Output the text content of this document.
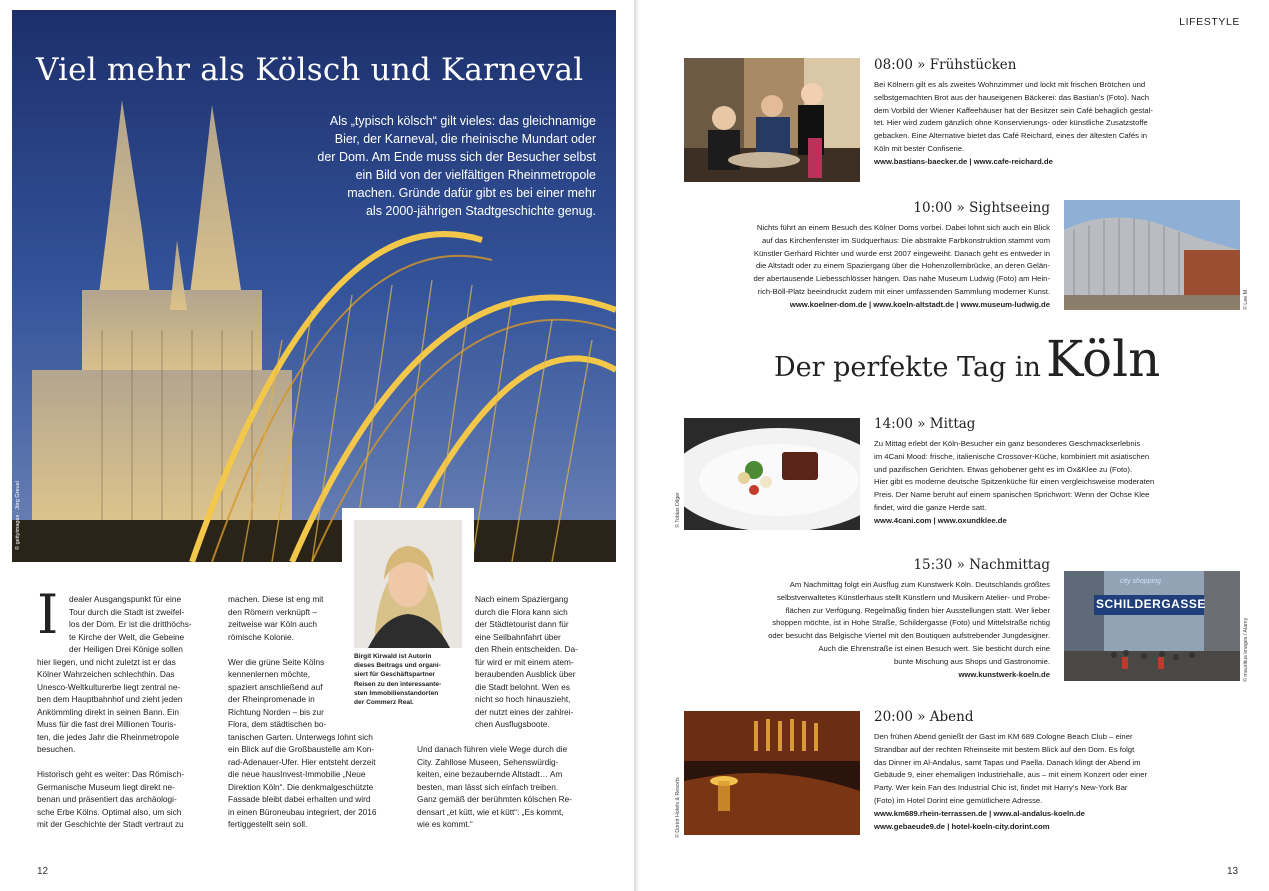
Viel mehr als Kölsch und Karneval
Als „typisch kölsch“ gilt vieles: das gleichnamige
Bier, der Karneval, die rheinische Mundart oder
der Dom. Am Ende muss sich der Besucher selbst
ein Bild von der vielfältigen Rheinmetropole
machen. Gründe dafür gibt es bei einer mehr
als 2000-jährigen Stadtgeschichte genug.
© gettyimages · Jörg Greuel
Birgit Kirwald ist Autorin
dieses Beitrags und organi-
siert für Geschäftspartner
Reisen zu den interessante-
sten Immobilienstandorten
der Commerz Real.
I	dealer Ausgangspunkt für eine
Tour durch die Stadt ist zweifel-
los der Dom. Er ist die dritthöchs-
te Kirche der Welt, die Gebeine
der Heiligen Drei Könige sollen
hier liegen, und nicht zuletzt ist er das
Kölner Wahrzeichen schlechthin. Das
Unesco-Weltkulturerbe liegt zentral ne-
ben dem Hauptbahnhof und zieht jeden
Ankömmling direkt in seinen Bann. Ein
Muss für die fast drei Millionen Touris-
ten, die jedes Jahr die Rheinmetropole
besuchen.

Historisch geht es weiter: Das Römisch-
Germanische Museum liegt direkt ne-
benan und präsentiert das archäologi-
sche Erbe Kölns. Optimal also, um sich
mit der Geschichte der Stadt vertraut zu
machen. Diese ist eng mit
den Römern verknüpft –
zeitweise war Köln auch
römische Kolonie.

Wer die grüne Seite Kölns
kennenlernen möchte,
spaziert anschließend auf
der Rheinpromenade in
Richtung Norden – bis zur
Flora, dem städtischen bo-
tanischen Garten. Unterwegs lohnt sich
ein Blick auf die Großbaustelle am Kon-
rad-Adenauer-Ufer. Hier entsteht derzeit
die neue hausInvest-Immobilie „Neue
Direktion Köln“. Die denkmalgeschützte
Fassade bleibt dabei erhalten und wird
in einen Büroneubau integriert, der 2016
fertiggestellt sein soll.
Nach einem Spaziergang
durch die Flora kann sich
der Städtetourist dann für
eine Seilbahnfahrt über
den Rhein entscheiden. Da-
für wird er mit einem atem-
beraubenden Ausblick über
die Stadt belohnt. Wen es
nicht so hoch hinauszieht,
der nutzt eines der zahlrei-
chen Ausflugsboote.

Und danach führen viele Wege durch die
City. Zahllose Museen, Sehenswürdig-
keiten, eine bezaubernde Altstadt… Am
besten, man lässt sich einfach treiben.
Ganz gemäß der berühmten kölschen Re-
densart „et kütt, wie et kütt“: „Es kommt,
wie es kommt.“
12
LIFESTYLE
08:00 » Frühstücken
Bei Kölnern gilt es als zweites Wohnzimmer und lockt mit frischen Brötchen und
selbstgemachten Brot aus der hauseigenen Bäckerei: das Bastian’s (Foto). Nach
dem Vorbild der Wiener Kaffeehäuser hat der Besitzer sein Café behaglich gestal-
tet. Hier wird zudem gänzlich ohne Konservierungs- oder künstliche Zusatzstoffe
gebacken. Eine Alternative bietet das Café Reichard, eines der ältesten Cafés in
Köln mit bester Confiserie.
www.bastians-baecker.de | www.cafe-reichard.de
10:00 » Sightseeing
Nichts führt an einem Besuch des Kölner Doms vorbei. Dabei lohnt sich auch ein Blick
auf das Kirchenfenster im Südquerhaus: Die abstrakte Farbkonstruktion stammt vom
Künstler Gerhard Richter und wurde erst 2007 eingeweiht. Danach geht es entweder in
die Altstadt oder zu einem Spaziergang über die Hohenzollernbrücke, an deren Gelän-
der abertausende Liebesschlösser hängen. Das nahe Museum Ludwig (Foto) am Hein-
rich-Böll-Platz beeindruckt zudem mit einer umfassenden Sammlung moderner Kunst.
www.koelner-dom.de | www.koeln-altstadt.de | www.museum-ludwig.de	© Lee M.
Der perfekte Tag in Köln
© Tobias Dilger
14:00 » Mittag
Zu Mittag erlebt der Köln-Besucher ein ganz besonderes Geschmackserlebnis
im 4Cani Mood: frische, italienische Crossover-Küche, kombiniert mit asiatischen
und pazifischen Gerichten. Etwas gehobener geht es im Ox&Klee zu (Foto).
Hier gibt es moderne deutsche Spitzenküche für einen vergleichsweise moderaten
Preis. Der Name beruht auf einem spanischen Sprichwort: Wenn der Ochse Klee
findet, wird die ganze Herde satt.
www.4cani.com | www.oxundklee.de
15:30 » Nachmittag
Am Nachmittag folgt ein Ausflug zum Kunstwerk Köln. Deutschlands größtes
selbstverwaltetes Künstlerhaus stellt Künstlern und Musikern Atelier- und Probe-
flächen zur Verfügung. Regelmäßig finden hier Ausstellungen statt. Wer lieber
shoppen möchte, ist in Hohe Straße, Schildergasse (Foto) und Mittelstraße richtig
oder besucht das Belgische Viertel mit den Boutiquen aufstrebender Jungdesigner.
Auch die Ehrenstraße ist einen Besuch wert. Sie besticht durch eine
bunte Mischung aus Shops und Gastronomie.
www.kunstwerk-koeln.de
city shopping
SCHILDERGASSE
© mauritius images / Alamy
© Dorint Hotels & Resorts
20:00 » Abend
Den frühen Abend genießt der Gast im KM 689 Cologne Beach Club – einer
Strandbar auf der rechten Rheinseite mit bestem Blick auf den Dom. Es folgt
das Dinner im Al-Andalus, samt Tapas und Paella. Danach klingt der Abend im
Gebäude 9, einer ehemaligen Industriehalle, aus – mit einem Konzert oder einer
Party. Wer kein Fan des Industrial Chic ist, findet mit Harry’s New-York Bar
(Foto) im Hotel Dorint eine gemütlichere Adresse.
www.km689.rhein-terrassen.de | www.al-andalus-koeln.de
www.gebaeude9.de | hotel-koeln-city.dorint.com
13
